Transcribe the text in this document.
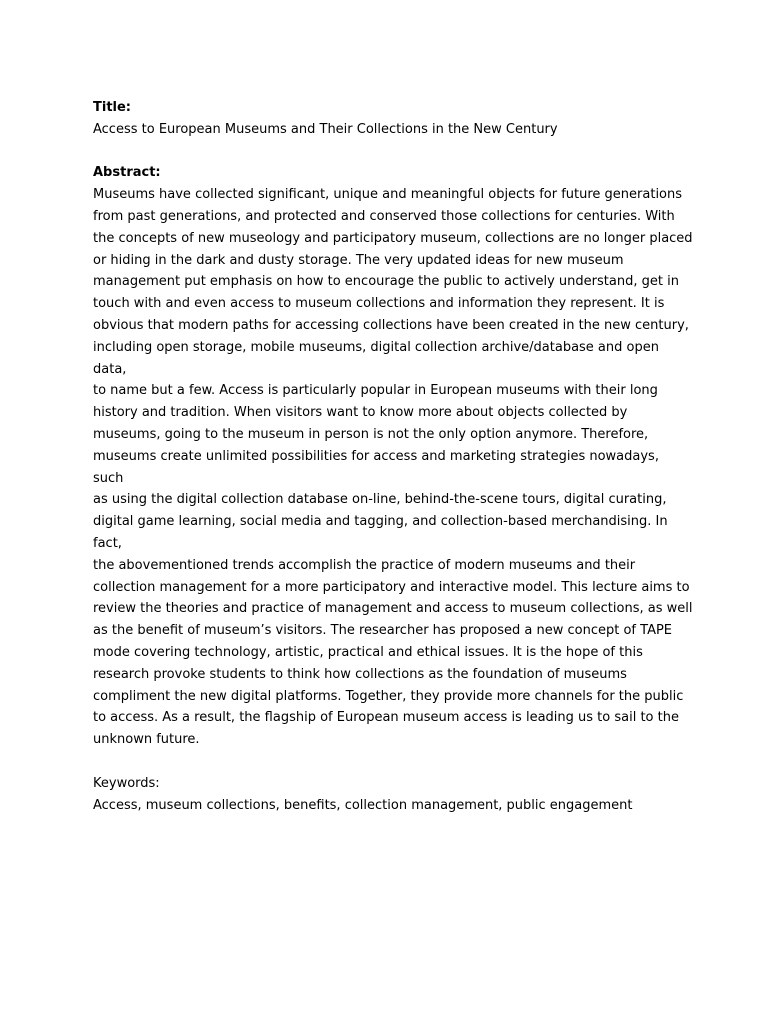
Title:
Access to European Museums and Their Collections in the New Century
Abstract:
Museums have collected significant, unique and meaningful objects for future generations
from past generations, and protected and conserved those collections for centuries. With
the concepts of new museology and participatory museum, collections are no longer placed
or hiding in the dark and dusty storage. The very updated ideas for new museum
management put emphasis on how to encourage the public to actively understand, get in
touch with and even access to museum collections and information they represent. It is
obvious that modern paths for accessing collections have been created in the new century,
including open storage, mobile museums, digital collection archive/database and open data,
to name but a few. Access is particularly popular in European museums with their long
history and tradition. When visitors want to know more about objects collected by
museums, going to the museum in person is not the only option anymore. Therefore,
museums create unlimited possibilities for access and marketing strategies nowadays, such
as using the digital collection database on-line, behind-the-scene tours, digital curating,
digital game learning, social media and tagging, and collection-based merchandising. In fact,
the abovementioned trends accomplish the practice of modern museums and their
collection management for a more participatory and interactive model. This lecture aims to
review the theories and practice of management and access to museum collections, as well
as the benefit of museum’s visitors. The researcher has proposed a new concept of TAPE
mode covering technology, artistic, practical and ethical issues. It is the hope of this
research provoke students to think how collections as the foundation of museums
compliment the new digital platforms. Together, they provide more channels for the public
to access. As a result, the flagship of European museum access is leading us to sail to the
unknown future.
Keywords:
Access, museum collections, benefits, collection management, public engagement
